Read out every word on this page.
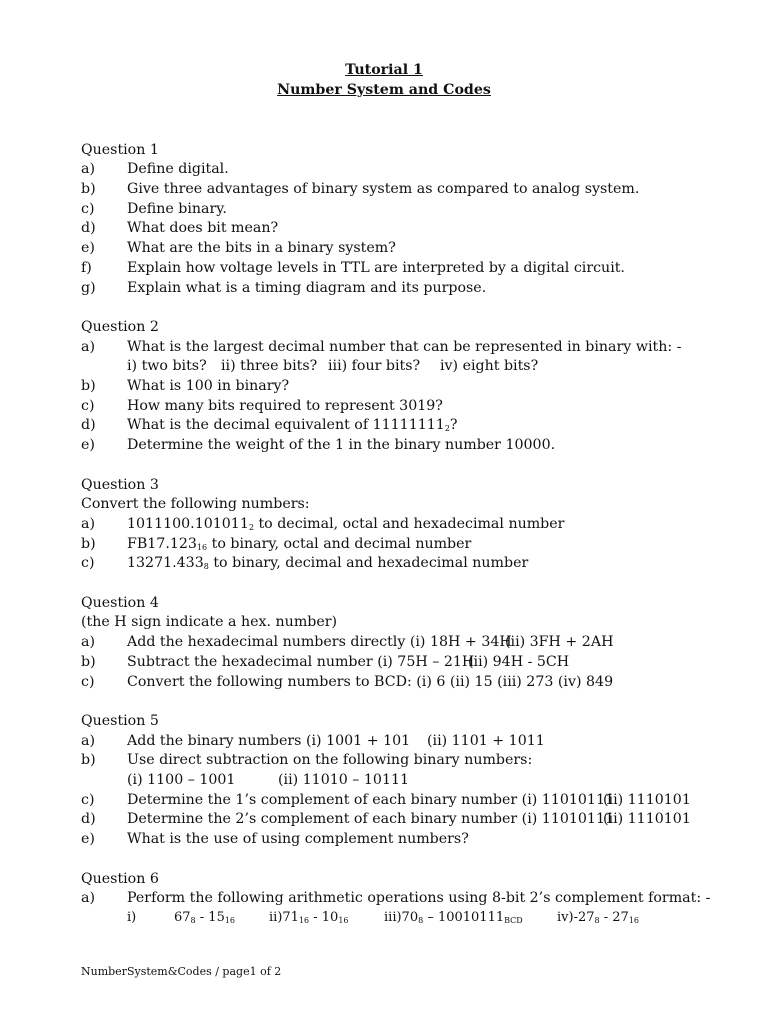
Tutorial 1
Number System and Codes
Question 1
a) Define digital.
b) Give three advantages of binary system as compared to analog system.
c) Define binary.
d) What does bit mean?
e) What are the bits in a binary system?
f) Explain how voltage levels in TTL are interpreted by a digital circuit.
g) Explain what is a timing diagram and its purpose.
Question 2
a) What is the largest decimal number that can be represented in binary with: -
i) two bits? ii) three bits? iii) four bits? iv) eight bits?
b) What is 100 in binary?
c) How many bits required to represent 3019?
d) What is the decimal equivalent of $11111111_2$?
e) Determine the weight of the 1 in the binary number 10000.
Question 3
Convert the following numbers:
a) $1011100.101011_2$ to decimal, octal and hexadecimal number
b) $FB17.123_{16}$ to binary, octal and decimal number
c) $13271.433_8$ to binary, decimal and hexadecimal number
Question 4
(the H sign indicate a hex. number)
a) Add the hexadecimal numbers directly (i) 18H + 34H
(ii) 3FH + 2AH
b) Subtract the hexadecimal number (i) 75H – 21H
(ii) 94H - 5CH
c) Convert the following numbers to BCD: (i) 6 (ii) 15 (iii) 273 (iv) 849
Question 5
a) Add the binary numbers (i) 1001 + 101 (ii) 1101 + 1011
b) Use direct subtraction on the following binary numbers:
(i) 1100 – 1001	(ii) 11010 – 10111
c) Determine the 1’s complement of each binary number (i) 11010111
(ii) 1110101
d) Determine the 2’s complement of each binary number (i) 11010111
(ii) 1110101
e) What is the use of using complement numbers?
Question 6
a) Perform the following arithmetic operations using 8-bit 2’s complement format: -
i)	$67_8 - 15_{16}$	$ii)71_{16} - 10_{16}$	$iii)70_8 - 10010111_{BCD}$	$iv)-27_8 - 27_{16}$
NumberSystem&Codes / page1 of 2
